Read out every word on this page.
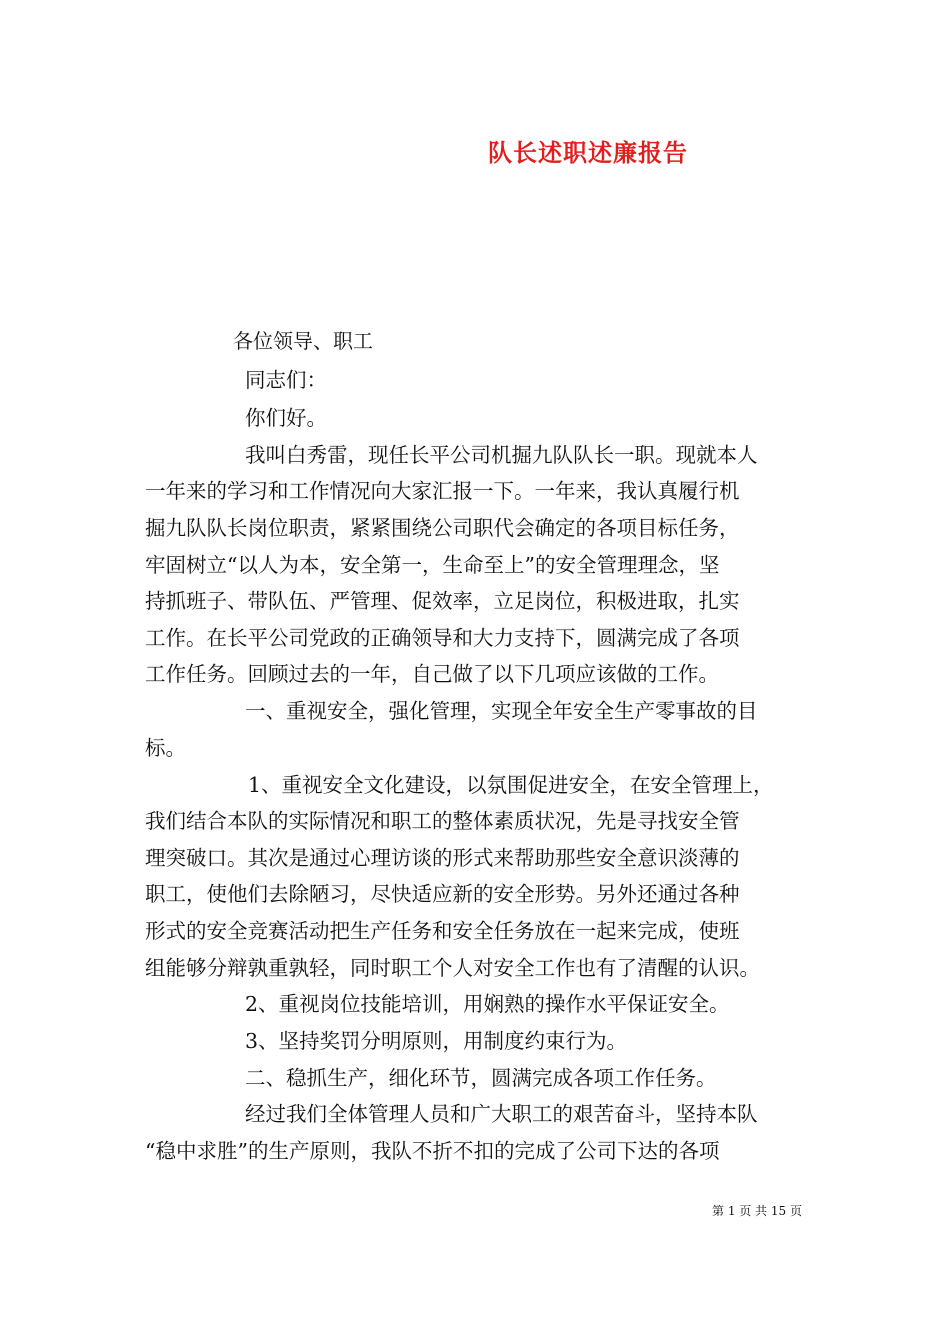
队长述职述廉报告
各位领导、职工
同志们：
你们好。
我叫白秀雷，现任长平公司机掘九队队长一职。现就本人
一年来的学习和工作情况向大家汇报一下。一年来，我认真履行机
掘九队队长岗位职责，紧紧围绕公司职代会确定的各项目标任务，
牢固树立“以人为本，安全第一，生命至上”的安全管理理念，坚
持抓班子、带队伍、严管理、促效率，立足岗位，积极进取，扎实
工作。在长平公司党政的正确领导和大力支持下，圆满完成了各项
工作任务。回顾过去的一年，自己做了以下几项应该做的工作。
一、重视安全，强化管理，实现全年安全生产零事故的目
标。
1、重视安全文化建设，以氛围促进安全，在安全管理上，
我们结合本队的实际情况和职工的整体素质状况，先是寻找安全管
理突破口。其次是通过心理访谈的形式来帮助那些安全意识淡薄的
职工，使他们去除陋习，尽快适应新的安全形势。另外还通过各种
形式的安全竞赛活动把生产任务和安全任务放在一起来完成，使班
组能够分辩孰重孰轻，同时职工个人对安全工作也有了清醒的认识。
2、重视岗位技能培训，用娴熟的操作水平保证安全。
3、坚持奖罚分明原则，用制度约束行为。
二、稳抓生产，细化环节，圆满完成各项工作任务。
经过我们全体管理人员和广大职工的艰苦奋斗，坚持本队
“稳中求胜”的生产原则，我队不折不扣的完成了公司下达的各项
第 1 页 共 15 页
